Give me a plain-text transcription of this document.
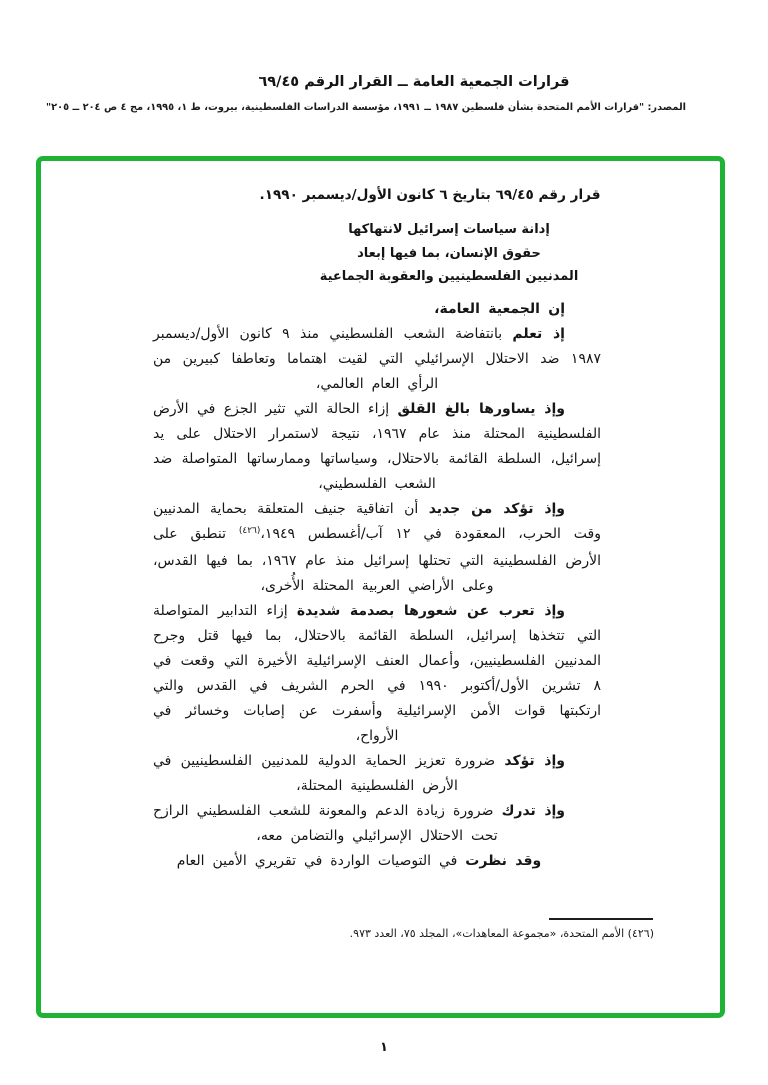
قرارات الجمعية العامة ــ القرار الرقم ٦٩/٤٥
المصدر: "قرارات الأمم المتحدة بشأن فلسطين ١٩٨٧ ــ ١٩٩١، مؤسسة الدراسات الفلسطينية، بيروت، ط ١، ١٩٩٥، مج ٤ ص ٢٠٤ ــ ٢٠٥"
قرار رقم ٦٩/٤٥ بتاريخ ٦ كانون الأول/ديسمبر ١٩٩٠.
إدانة سياسات إسرائيل لانتهاكها
حقوق الإنسان، بما فيها إبعاد
المدنيين الفلسطينيين والعقوبة الجماعية

إن الجمعية العامة،

إذ تعلم بانتفاضة الشعب الفلسطيني منذ ٩ كانون الأول/ديسمبر ١٩٨٧ ضد الاحتلال الإسرائيلي التي لقيت اهتماما وتعاطفا كبيرين من الرأي العام العالمي،

وإذ يساورها بالغ القلق إزاء الحالة التي تثير الجزع في الأرض الفلسطينية المحتلة منذ عام ١٩٦٧، نتيجة لاستمرار الاحتلال على يد إسرائيل، السلطة القائمة بالاحتلال، وسياساتها وممارساتها المتواصلة ضد الشعب الفلسطيني،

وإذ تؤكد من جديد أن اتفاقية جنيف المتعلقة بحماية المدنيين وقت الحرب، المعقودة في ١٢ آب/أغسطس ١٩٤٩،$^{(٤٢٦)}$ تنطبق على الأرض الفلسطينية التي تحتلها إسرائيل منذ عام ١٩٦٧، بما فيها القدس، وعلى الأراضي العربية المحتلة الأُخرى،

وإذ تعرب عن شعورها بصدمة شديدة إزاء التدابير المتواصلة التي تتخذها إسرائيل، السلطة القائمة بالاحتلال، بما فيها قتل وجرح المدنيين الفلسطينيين، وأعمال العنف الإسرائيلية الأخيرة التي وقعت في ٨ تشرين الأول/أكتوبر ١٩٩٠ في الحرم الشريف في القدس والتي ارتكبتها قوات الأمن الإسرائيلية وأسفرت عن إصابات وخسائر في الأرواح،

وإذ تؤكد ضرورة تعزيز الحماية الدولية للمدنيين الفلسطينيين في الأرض الفلسطينية المحتلة،

وإذ تدرك ضرورة زيادة الدعم والمعونة للشعب الفلسطيني الرازح تحت الاحتلال الإسرائيلي والتضامن معه،

وقد نظرت في التوصيات الواردة في تقريري الأمين العام

(٤٢٦) الأمم المتحدة، «مجموعة المعاهدات»، المجلد ٧٥، العدد ٩٧٣.
١
